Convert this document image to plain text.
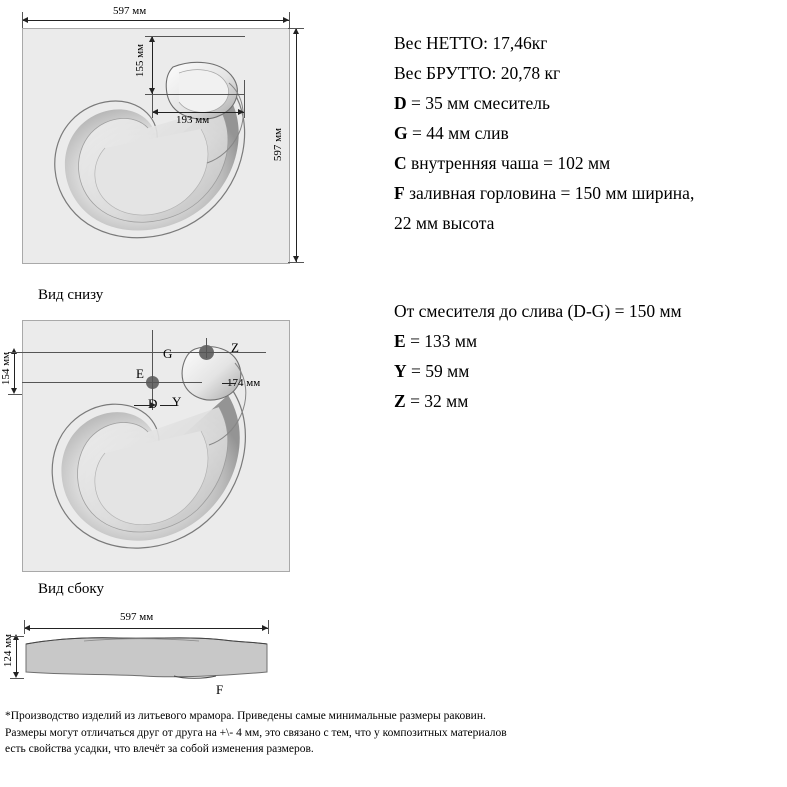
597 мм
597 мм
155 мм
193 мм
Вид снизу
154 мм	G	Z
E
D Y
174 мм
Вид сбоку
597 мм
124 мм
F
Вес НЕТТО: 17,46кг
Вес БРУТТО: 20,78 кг
D = 35 мм смеситель
G = 44 мм слив
C внутренняя чаша = 102 мм
F заливная горловина = 150 мм ширина,
22 мм высота
От смесителя до слива (D-G) = 150 мм
E = 133 мм
Y = 59 мм
Z = 32 мм
*Производство изделий из литьевого мрамора. Приведены самые минимальные размеры раковин. Размеры могут отличаться друг от друга на +\- 4 мм, это связано с тем, что у композитных материалов есть свойства усадки, что влечёт за собой изменения размеров.
